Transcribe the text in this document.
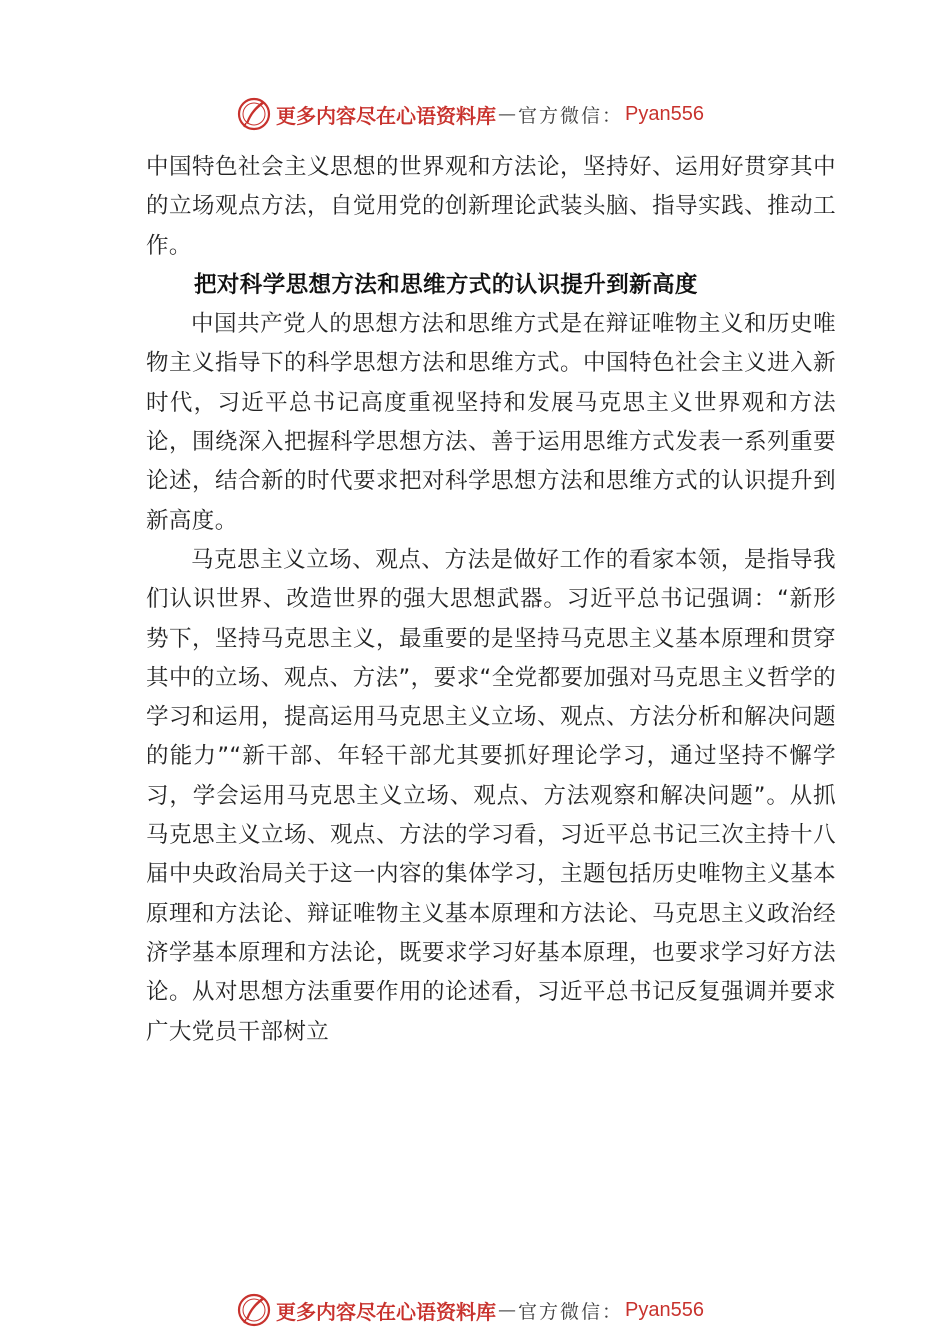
更多内容尽在心语资料库 — 官方微信： Pyan556

中国特色社会主义思想的世界观和方法论，坚持好、运用好贯穿其中的立场观点方法，自觉用党的创新理论武装头脑、指导实践、推动工作。

把对科学思想方法和思维方式的认识提升到新高度

中国共产党人的思想方法和思维方式是在辩证唯物主义和历史唯物主义指导下的科学思想方法和思维方式。中国特色社会主义进入新时代，习近平总书记高度重视坚持和发展马克思主义世界观和方法论，围绕深入把握科学思想方法、善于运用思维方式发表一系列重要论述，结合新的时代要求把对科学思想方法和思维方式的认识提升到新高度。

马克思主义立场、观点、方法是做好工作的看家本领，是指导我们认识世界、改造世界的强大思想武器。习近平总书记强调：“新形势下，坚持马克思主义，最重要的是坚持马克思主义基本原理和贯穿其中的立场、观点、方法”，要求“全党都要加强对马克思主义哲学的学习和运用，提高运用马克思主义立场、观点、方法分析和解决问题的能力”“新干部、年轻干部尤其要抓好理论学习，通过坚持不懈学习，学会运用马克思主义立场、观点、方法观察和解决问题”。从抓马克思主义立场、观点、方法的学习看，习近平总书记三次主持十八届中央政治局关于这一内容的集体学习，主题包括历史唯物主义基本原理和方法论、辩证唯物主义基本原理和方法论、马克思主义政治经济学基本原理和方法论，既要求学习好基本原理，也要求学习好方法论。从对思想方法重要作用的论述看，习近平总书记反复强调并要求广大党员干部树立

更多内容尽在心语资料库 — 官方微信： Pyan556
